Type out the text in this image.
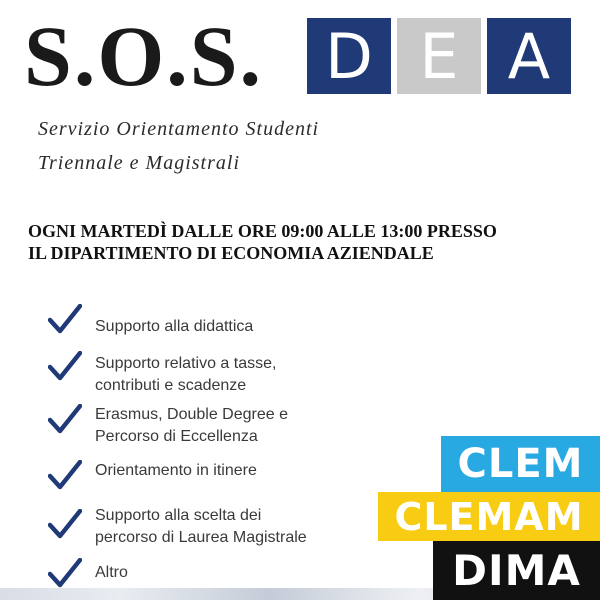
S.O.S. D E A
Servizio Orientamento Studenti
Triennale e Magistrali
OGNI MARTEDÌ DALLE ORE 09:00 ALLE 13:00 PRESSO
IL DIPARTIMENTO DI ECONOMIA AZIENDALE
Supporto alla didattica
Supporto relativo a tasse,
contributi e scadenze
Erasmus, Double Degree e
Percorso di Eccellenza
Orientamento in itinere
Supporto alla scelta dei
percorso di Laurea Magistrale
Altro
CLEM
CLEMAM
DIMA
